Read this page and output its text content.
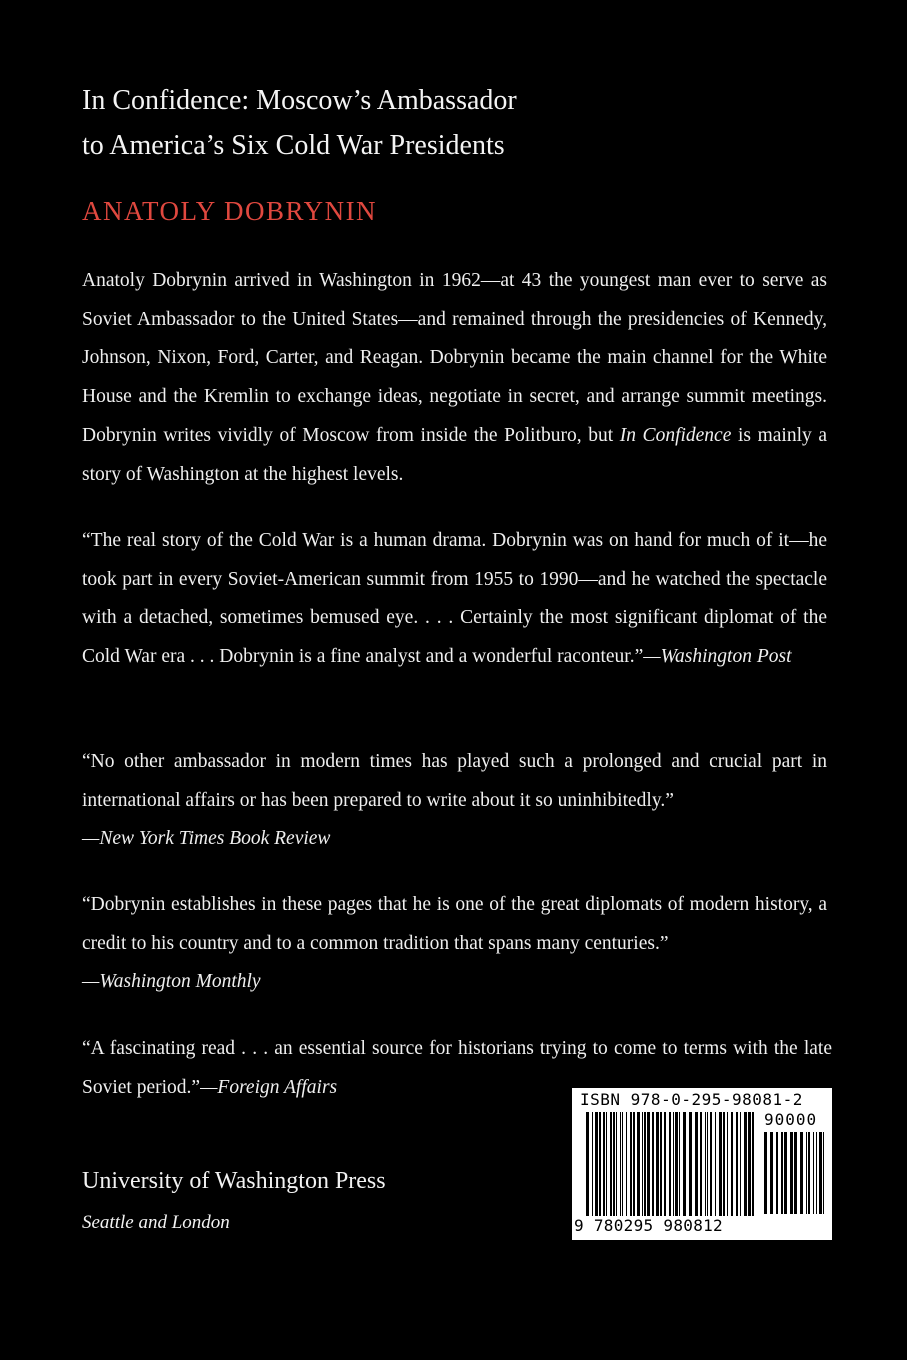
In Confidence: Moscow’s Ambassador
to America’s Six Cold War Presidents
ANATOLY DOBRYNIN
Anatoly Dobrynin arrived in Washington in 1962—at 43 the youngest man ever to serve as Soviet Ambassador to the United States—and remained through the presidencies of Kennedy, Johnson, Nixon, Ford, Carter, and Reagan. Dobrynin became the main channel for the White House and the Kremlin to exchange ideas, negotiate in secret, and arrange summit meetings. Dobrynin writes vividly of Moscow from inside the Politburo, but In Confidence is mainly a story of Washington at the highest levels.
“The real story of the Cold War is a human drama. Dobrynin was on hand for much of it—he took part in every Soviet-American summit from 1955 to 1990—and he watched the spectacle with a detached, sometimes bemused eye. . . . Certainly the most significant diplomat of the Cold War era . . . Dobrynin is a fine analyst and a wonderful raconteur.”—Washington Post
“No other ambassador in modern times has played such a prolonged and crucial part in international affairs or has been prepared to write about it so uninhibitedly.”
—New York Times Book Review
“Dobrynin establishes in these pages that he is one of the great diplomats of modern history, a credit to his country and to a common tradition that spans many centuries.”
—Washington Monthly
“A fascinating read . . . an essential source for historians trying to come to terms with the late Soviet period.”—Foreign Affairs
University of Washington Press
Seattle and London
ISBN 978-0-295-98081-2
90000
9 780295 980812
